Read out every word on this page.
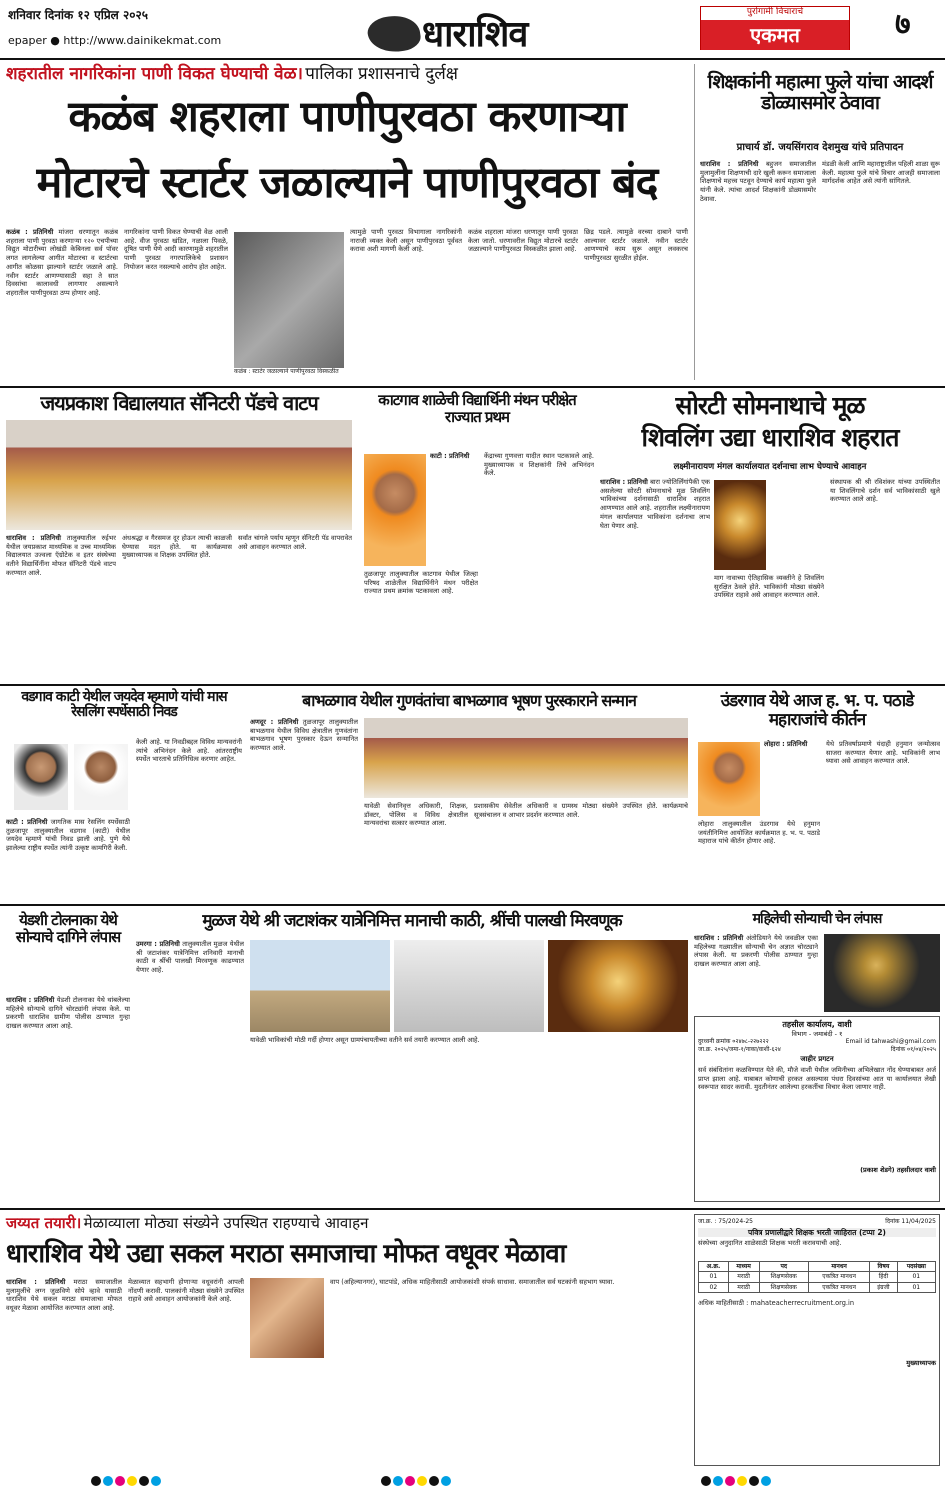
शनिवार दिनांक १२ एप्रिल २०२५
epaper ● http://www.dainikekmat.com	धाराशिव
पुरोगामी विचाराचे
एकमत	७
शहरातील नागरिकांना पाणी विकत घेण्याची वेळ। पालिका प्रशासनाचे दुर्लक्ष
कळंब शहराला पाणीपुरवठा करणाऱ्या
मोटारचे स्टार्टर जळाल्याने पाणीपुरवठा बंद
कळंब : प्रतिनिधी मांजरा धरणातून कळंब शहराला पाणी पुरवठा करणाऱ्या १२० एचपीच्या विद्युत मोटारीच्या लोखंडी केबिनला सर्व पॉवर लगत लागलेल्या आगीत मोटारचा व स्टार्टरचा आगीत कोळसा झाल्याने स्टार्टर जळाले आहे. नवीन स्टार्टर आणण्यासाठी सहा ते सात दिवसांचा कालावधी लागणार असल्याने शहरातील पाणीपुरवठा ठप्प होणार आहे.
नागरिकांना पाणी विकत घेण्याची वेळ आली आहे. वीज पुरवठा खंडित, नळाला पिवळे, दूषित पाणी येणे आदी कारणामुळे शहरातील पाणी पुरवठा नगरपालिकेचे प्रशासन नियोजन करत नसल्याचे आरोप होत आहेत.
कळंब : स्टार्टर जळाल्याने पाणीपुरवठा विस्कळीत
त्यामुळे पाणी पुरवठा विभागाला नागरिकांनी नाराजी व्यक्त केली असून पाणीपुरवठा पूर्ववत करावा अशी मागणी केली आहे.
कळंब शहराला मांजरा धरणातून पाणी पुरवठा केला जातो. धरणावरील विद्युत मोटारचे स्टार्टर जळाल्याने पाणीपुरवठा विस्कळीत झाला आहे.
छिद्र पडले. त्यामुळे वरच्या दाबाने पाणी आल्यावर स्टार्टर जळाले. नवीन स्टार्टर आणण्याचे काम सुरू असून लवकरच पाणीपुरवठा सुरळीत होईल.
शिक्षकांनी महात्मा फुले यांचा आदर्श डोळ्यासमोर ठेवावा
प्राचार्य डॉ. जयसिंगराव देशमुख यांचे प्रतिपादन
धाराशिव : प्रतिनिधी बहुजन समाजातील मुलामुलींना शिक्षणाची दारे खुली करून समाजाला शिक्षणाचे महत्त्व पटवून देण्याचे कार्य महात्मा फुले यांनी केले. त्यांचा आदर्श शिक्षकांनी डोळ्यासमोर ठेवावा.
मंडळी केली आणि महाराष्ट्रातील पहिली शाळा सुरू केली. महात्मा फुले यांचे विचार आजही समाजाला मार्गदर्शक आहेत असे त्यांनी सांगितले.
जयप्रकाश विद्यालयात सॅनिटरी पॅडचे वाटप
धाराशिव : प्रतिनिधी तालुक्यातील रुईभर येथील जयप्रकाश माध्यमिक व उच्च माध्यमिक विद्यालयात उज्वला ऍग्रोटेक व इतर संस्थेच्या वतीने विद्यार्थिनींना मोफत सॅनिटरी पॅडचे वाटप करण्यात आले.
अंधश्रद्धा व गैरसमज दूर होऊन त्याची काळजी घेण्यास मदत होते. या कार्यक्रमास मुख्याध्यापक व शिक्षक उपस्थित होते.
सर्वांत चांगले पर्याय म्हणून सॅनिटरी पॅड वापरावेत असे आवाहन करण्यात आले.
काटगाव शाळेची विद्यार्थिनी मंथन परीक्षेत राज्यात प्रथम
काटी : प्रतिनिधी
तुळजापूर तालुक्यातील काटगाव येथील जिल्हा परिषद शाळेतील विद्यार्थिनीने मंथन परीक्षेत राज्यात प्रथम क्रमांक पटकावला आहे.
केंद्राच्या गुणवत्ता यादीत स्थान पटकावले आहे. मुख्याध्यापक व शिक्षकांनी तिचे अभिनंदन केले.
सोरटी सोमनाथाचे मूळ
शिवलिंग उद्या धाराशिव शहरात
लक्ष्मीनारायण मंगल कार्यालयात दर्शनाचा लाभ घेण्याचे आवाहन
धाराशिव : प्रतिनिधी बारा ज्योतिर्लिंगांपैकी एक असलेल्या सोरटी सोमनाथाचे मूळ शिवलिंग भाविकांच्या दर्शनासाठी धाराशिव शहरात आणण्यात आले आहे. शहरातील लक्ष्मीनारायण मंगल कार्यालयात भाविकांना दर्शनाचा लाभ घेता येणार आहे.
माग नावाच्या ऐतिहासिक व्यक्तीने हे शिवलिंग सुरक्षित ठेवले होते. भाविकांनी मोठ्या संख्येने उपस्थित राहावे असे आवाहन करण्यात आले.
संस्थापक श्री श्री रविशंकर यांच्या उपस्थितीत या शिवलिंगाचे दर्शन सर्व भाविकांसाठी खुले करण्यात आले आहे.
वडगाव काटी येथील जयदेव म्हमाणे यांची मास रेसलिंग स्पर्धेसाठी निवड
काटी : प्रतिनिधी जागतिक मास रेसलिंग स्पर्धेसाठी तुळजापूर तालुक्यातील वडगाव (काटी) येथील जयदेव म्हमाणे यांची निवड झाली आहे. पुणे येथे झालेल्या राष्ट्रीय स्पर्धेत त्यांनी उत्कृष्ट कामगिरी केली.
केली आहे. या निवडीबद्दल विविध मान्यवरांनी त्यांचे अभिनंदन केले आहे. आंतरराष्ट्रीय स्पर्धेत भारताचे प्रतिनिधित्व करणार आहेत.
बाभळगाव येथील गुणवंतांचा बाभळगाव भूषण पुरस्काराने सन्मान
अणदूर : प्रतिनिधी तुळजापूर तालुक्यातील बाभळगाव येथील विविध क्षेत्रातील गुणवंतांना बाभळगाव भूषण पुरस्कार देऊन सन्मानित करण्यात आले.
यावेळी सेवानिवृत्त अधिकारी, शिक्षक, डॉक्टर, पोलिस व विविध क्षेत्रातील मान्यवरांचा सत्कार करण्यात आला.
प्रशासकीय सेवेतील अधिकारी व ग्रामस्थ मोठ्या संख्येने उपस्थित होते. कार्यक्रमाचे सूत्रसंचालन व आभार प्रदर्शन करण्यात आले.
उंडरगाव येथे आज ह. भ. प. पठाडे महाराजांचे कीर्तन
लोहारा : प्रतिनिधी
लोहारा तालुक्यातील उंडरगाव येथे हनुमान जयंतीनिमित्त आयोजित कार्यक्रमात ह. भ. प. पठाडे महाराज यांचे कीर्तन होणार आहे.
येथे प्रतिवर्षाप्रमाणे यंदाही हनुमान जन्मोत्सव साजरा करण्यात येणार आहे. भाविकांनी लाभ घ्यावा असे आवाहन करण्यात आले.
येडशी टोलनाका येथे सोन्याचे दागिने लंपास
धाराशिव : प्रतिनिधी येडशी टोलनाका येथे थांबलेल्या महिलेचे सोन्याचे दागिने चोरट्यांनी लंपास केले. या प्रकरणी धाराशिव ग्रामीण पोलीस ठाण्यात गुन्हा दाखल करण्यात आला आहे.
मुळज येथे श्री जटाशंकर यात्रेनिमित्त मानाची काठी, श्रींची पालखी मिरवणूक
उमरगा : प्रतिनिधी तालुक्यातील मुळज येथील श्री जटाशंकर यात्रेनिमित्त शनिवारी मानाची काठी व श्रींची पालखी मिरवणूक काढण्यात येणार आहे.
यावेळी भाविकांची मोठी गर्दी होणार असून ग्रामपंचायतीच्या वतीने सर्व तयारी करण्यात आली आहे.
महिलेची सोन्याची चेन लंपास
धाराशिव : प्रतिनिधी अंतोडियाने येथे जवळील एका महिलेच्या गळ्यातील सोन्याची चेन अज्ञात चोरट्याने लंपास केली. या प्रकरणी पोलीस ठाण्यात गुन्हा दाखल करण्यात आला आहे.
तहसील कार्यालय, वाशी
विभाग - जमाबंदी - १
दुरध्वनी क्रमांक ०२४७८-२२७२२२	Email id tahwashi@gmail.com
जा.क्र. २०२५/जमा-१/नाका/वाशी-६२४	दिनांक ०१/०४/२०२५
जाहीर प्रगटन
सर्व संबंधितांना कळविण्यात येते की, मौजे वाशी येथील जमिनीच्या अभिलेखात नोंद घेण्याबाबत अर्ज प्राप्त झाला आहे. याबाबत कोणाची हरकत असल्यास पंधरा दिवसांच्या आत या कार्यालयात लेखी स्वरूपात सादर करावी. मुदतीनंतर आलेल्या हरकतींचा विचार केला जाणार नाही.
(प्रकाश शेडगे) तहसीलदार वाशी
जय्यत तयारी। मेळाव्याला मोठ्या संख्येने उपस्थित राहण्याचे आवाहन
धाराशिव येथे उद्या सकल मराठा समाजाचा मोफत वधूवर मेळावा
धाराशिव : प्रतिनिधी मराठा समाजातील मुलामुलींचे लग्न जुळविणे सोपे व्हावे यासाठी धाराशिव येथे सकल मराठा समाजाचा मोफत वधूवर मेळावा आयोजित करण्यात आला आहे.
मेळाव्यात सहभागी होणाऱ्या वधूवरांनी आपली नोंदणी करावी. पालकांनी मोठ्या संख्येने उपस्थित राहावे असे आवाहन आयोजकांनी केले आहे.
वाप (अहिल्यानगर), घाटपांडे, अधिक माहितीसाठी आयोजकांशी संपर्क साधावा. समाजातील सर्व घटकांनी सहभाग घ्यावा.
जा.क्र. : 75/2024-25	दिनांक 11/04/2025
पवित्र प्रणालीद्वारे शिक्षक भरती जाहिरात (टप्पा 2)
संस्थेच्या अनुदानित शाळेसाठी शिक्षक भरती करावयाची आहे.
अ.क्र.	माध्यम	पद	मानधन	विषय	पदसंख्या
01	मराठी	शिक्षणसेवक	एकत्रित मानधन	हिंदी	01
02	मराठी	शिक्षणसेवक	एकत्रित मानधन	इंग्रजी	01
अधिक माहितीसाठी : mahateacherrecruitment.org.in
मुख्याध्यापक
